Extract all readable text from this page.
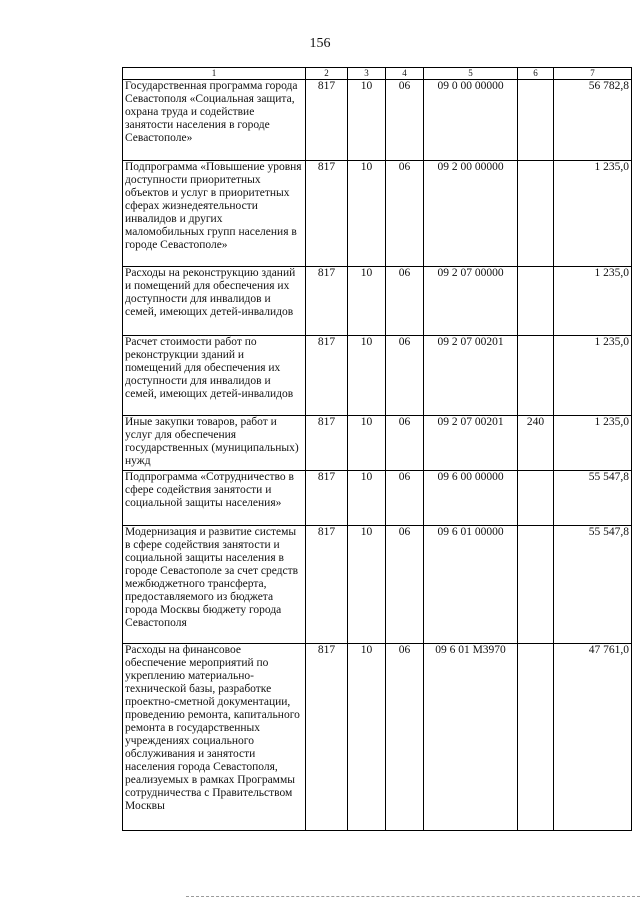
156
1	2	3	4	5	6	7
Государственная программа города Севастополя «Социальная защита, охрана труда и содействие занятости населения в городе Севастополе»	817	10	06	09 0 00 00000		56 782,8
Подпрограмма «Повышение уровня доступности приоритетных объектов и услуг в приоритетных сферах жизнедеятельности инвалидов и других маломобильных групп населения в городе Севастополе»	817	10	06	09 2 00 00000		1 235,0
Расходы на реконструкцию зданий и помещений для обеспечения их доступности для инвалидов и семей, имеющих детей-инвалидов	817	10	06	09 2 07 00000		1 235,0
Расчет стоимости работ по реконструкции зданий и помещений для обеспечения их доступности для инвалидов и семей, имеющих детей-инвалидов	817	10	06	09 2 07 00201		1 235,0
Иные закупки товаров, работ и услуг для обеспечения государственных (муниципальных) нужд	817	10	06	09 2 07 00201	240	1 235,0
Подпрограмма «Сотрудничество в сфере содействия занятости и социальной защиты населения»	817	10	06	09 6 00 00000		55 547,8
Модернизация и развитие системы в сфере содействия занятости и социальной защиты населения в городе Севастополе за счет средств межбюджетного трансферта, предоставляемого из бюджета города Москвы бюджету города Севастополя	817	10	06	09 6 01 00000		55 547,8
Расходы на финансовое обеспечение мероприятий по укреплению материально-технической базы, разработке проектно-сметной документации, проведению ремонта, капитального ремонта в государственных учреждениях социального обслуживания и занятости населения города Севастополя, реализуемых в рамках Программы сотрудничества с Правительством Москвы	817	10	06	09 6 01 М3970		47 761,0
